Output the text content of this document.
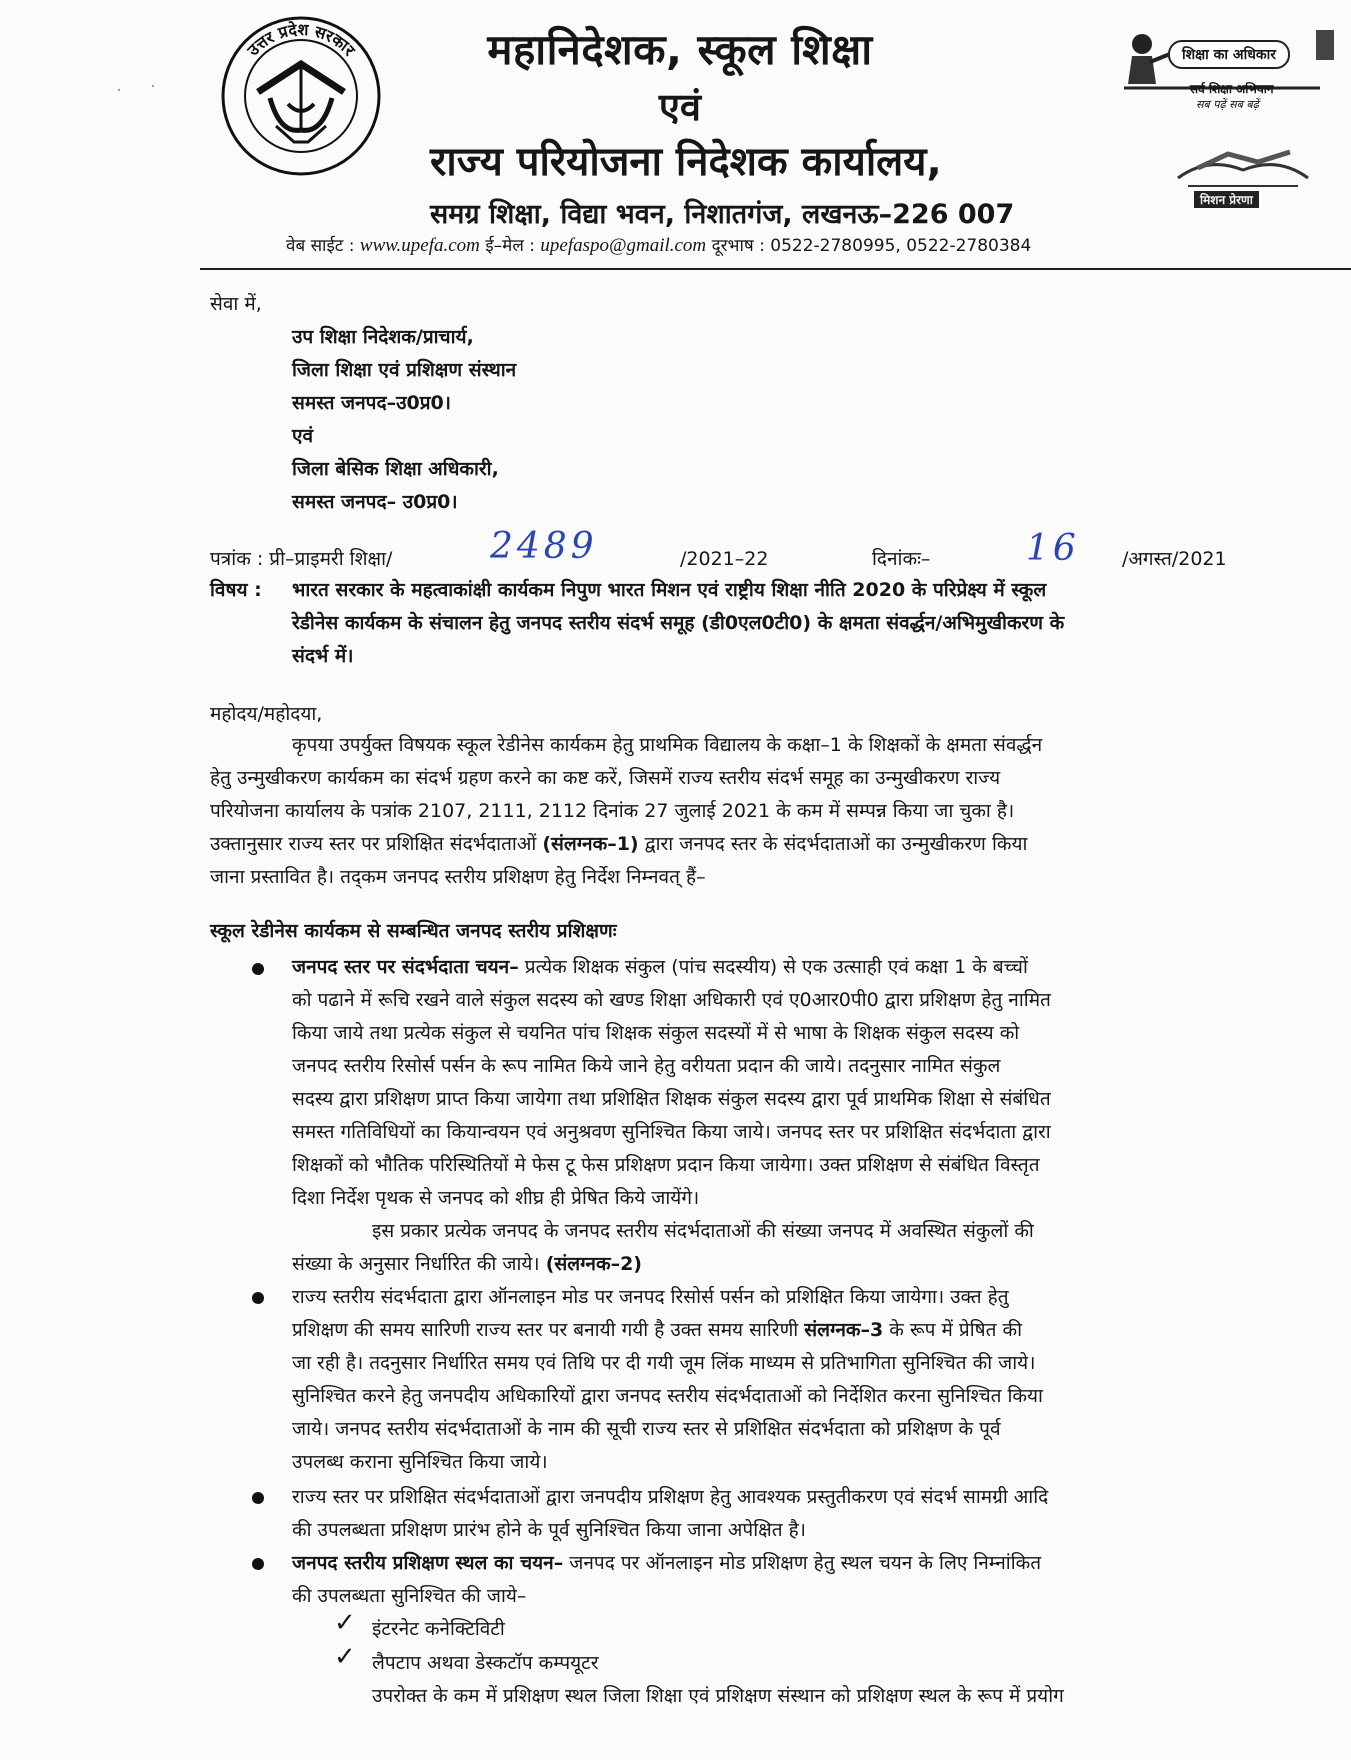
उत्तर प्रदेश सरकार	महानिदेशक, स्कूल शिक्षा
एवं
राज्य परियोजना निदेशक कार्यालय,
समग्र शिक्षा, विद्या भवन, निशातगंज, लखनऊ–226 007
वेब साईट : www.upefa.com ई–मेल : upefaspo@gmail.com दूरभाष : 0522-2780995, 0522-2780384
शिक्षा का अधिकार
सर्व शिक्षा अभियान
सब पढ़ें सब बढ़ें
मिशन प्रेरणा
· ·
सेवा में,
उप शिक्षा निदेशक/प्राचार्य,
जिला शिक्षा एवं प्रशिक्षण संस्थान
समस्त जनपद–उ0प्र0।
एवं
जिला बेसिक शिक्षा अधिकारी,
समस्त जनपद– उ0प्र0।
पत्रांक : प्री–प्राइमरी शिक्षा/	2489	/2021–22	दिनांकः–	16 /अगस्त/2021
विषय : भारत सरकार के महत्वाकांक्षी कार्यकम निपुण भारत मिशन एवं राष्ट्रीय शिक्षा नीति 2020 के परिप्रेक्ष्य में स्कूल
रेडीनेस कार्यकम के संचालन हेतु जनपद स्तरीय संदर्भ समूह (डी0एल0टी0) के क्षमता संवर्द्धन/अभिमुखीकरण के
संदर्भ में।
महोदय/महोदया,
कृपया उपर्युक्त विषयक स्कूल रेडीनेस कार्यकम हेतु प्राथमिक विद्यालय के कक्षा–1 के शिक्षकों के क्षमता संवर्द्धन
हेतु उन्मुखीकरण कार्यकम का संदर्भ ग्रहण करने का कष्ट करें, जिसमें राज्य स्तरीय संदर्भ समूह का उन्मुखीकरण राज्य
परियोजना कार्यालय के पत्रांक 2107, 2111, 2112 दिनांक 27 जुलाई 2021 के कम में सम्पन्न किया जा चुका है।
उक्तानुसार राज्य स्तर पर प्रशिक्षित संदर्भदाताओं (संलग्नक–1) द्वारा जनपद स्तर के संदर्भदाताओं का उन्मुखीकरण किया
जाना प्रस्तावित है। तद्कम जनपद स्तरीय प्रशिक्षण हेतु निर्देश निम्नवत् हैं–
स्कूल रेडीनेस कार्यकम से सम्बन्धित जनपद स्तरीय प्रशिक्षणः
जनपद स्तर पर संदर्भदाता चयन– प्रत्येक शिक्षक संकुल (पांच सदस्यीय) से एक उत्साही एवं कक्षा 1 के बच्चों
को पढाने में रूचि रखने वाले संकुल सदस्य को खण्ड शिक्षा अधिकारी एवं ए0आर0पी0 द्वारा प्रशिक्षण हेतु नामित
किया जाये तथा प्रत्येक संकुल से चयनित पांच शिक्षक संकुल सदस्यों में से भाषा के शिक्षक संकुल सदस्य को
जनपद स्तरीय रिसोर्स पर्सन के रूप नामित किये जाने हेतु वरीयता प्रदान की जाये। तदनुसार नामित संकुल
सदस्य द्वारा प्रशिक्षण प्राप्त किया जायेगा तथा प्रशिक्षित शिक्षक संकुल सदस्य द्वारा पूर्व प्राथमिक शिक्षा से संबंधित
समस्त गतिविधियों का कियान्वयन एवं अनुश्रवण सुनिश्चित किया जाये। जनपद स्तर पर प्रशिक्षित संदर्भदाता द्वारा
शिक्षकों को भौतिक परिस्थितियों मे फेस टू फेस प्रशिक्षण प्रदान किया जायेगा। उक्त प्रशिक्षण से संबंधित विस्तृत
दिशा निर्देश पृथक से जनपद को शीघ्र ही प्रेषित किये जायेंगे।
इस प्रकार प्रत्येक जनपद के जनपद स्तरीय संदर्भदाताओं की संख्या जनपद में अवस्थित संकुलों की
संख्या के अनुसार निर्धारित की जाये। (संलग्नक–2)
राज्य स्तरीय संदर्भदाता द्वारा ऑनलाइन मोड पर जनपद रिसोर्स पर्सन को प्रशिक्षित किया जायेगा। उक्त हेतु
प्रशिक्षण की समय सारिणी राज्य स्तर पर बनायी गयी है उक्त समय सारिणी संलग्नक–3 के रूप में प्रेषित की
जा रही है। तदनुसार निर्धारित समय एवं तिथि पर दी गयी जूम लिंक माध्यम से प्रतिभागिता सुनिश्चित की जाये।
सुनिश्चित करने हेतु जनपदीय अधिकारियों द्वारा जनपद स्तरीय संदर्भदाताओं को निर्देशित करना सुनिश्चित किया
जाये। जनपद स्तरीय संदर्भदाताओं के नाम की सूची राज्य स्तर से प्रशिक्षित संदर्भदाता को प्रशिक्षण के पूर्व
उपलब्ध कराना सुनिश्चित किया जाये।
राज्य स्तर पर प्रशिक्षित संदर्भदाताओं द्वारा जनपदीय प्रशिक्षण हेतु आवश्यक प्रस्तुतीकरण एवं संदर्भ सामग्री आदि
की उपलब्धता प्रशिक्षण प्रारंभ होने के पूर्व सुनिश्चित किया जाना अपेक्षित है।
जनपद स्तरीय प्रशिक्षण स्थल का चयन– जनपद पर ऑनलाइन मोड प्रशिक्षण हेतु स्थल चयन के लिए निम्नांकित
की उपलब्धता सुनिश्चित की जाये–
✓ इंटरनेट कनेक्टिविटी
✓ लैपटाप अथवा डेस्कटॉप कम्पयूटर
उपरोक्त के कम में प्रशिक्षण स्थल जिला शिक्षा एवं प्रशिक्षण संस्थान को प्रशिक्षण स्थल के रूप में प्रयोग
